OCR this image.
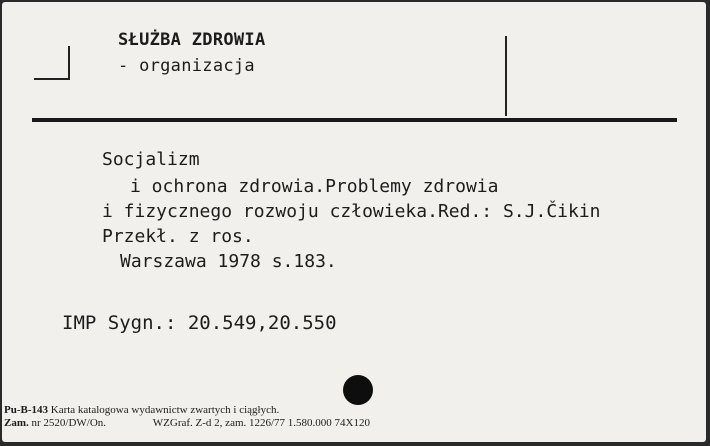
SŁUŻBA ZDROWIA
- organizacja
Socjalizm
i ochrona zdrowia.Problemy zdrowia
i fizycznego rozwoju człowieka.Red.: S.J.Čikin
Przekł. z ros.
Warszawa 1978 s.183.
IMP Sygn.: 20.549,20.550
Pu-B-143 Karta katalogowa wydawnictw zwartych i ciągłych.
Zam. nr 2520/DW/On.	WZGraf. Z-d 2, zam. 1226/77 1.580.000 74X120
